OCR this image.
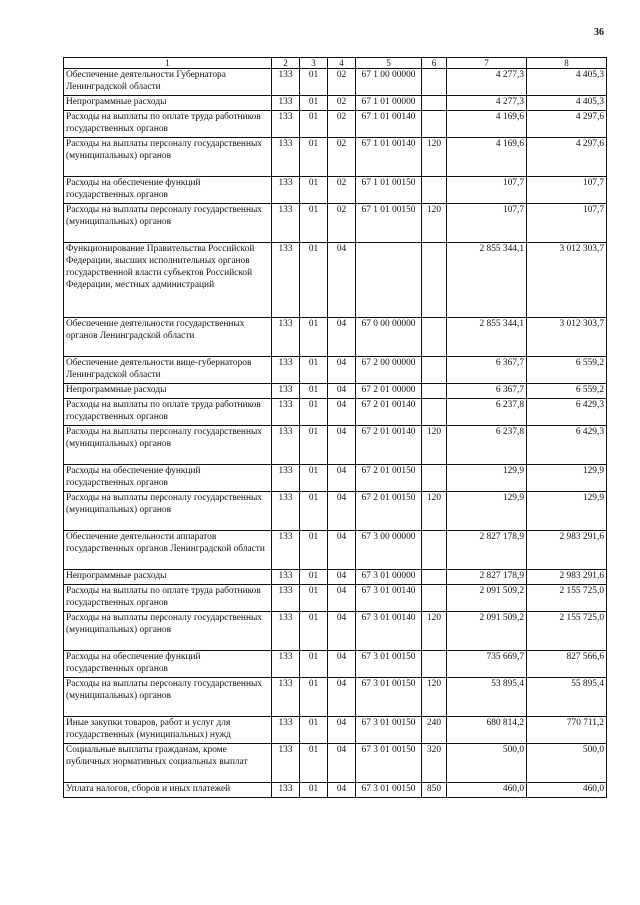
36
1	2	3	4	5	6	7	8
Обеспечение деятельности Губернатора Ленинградской области	133	01	02	67 1 00 00000		4 277,3	4 405,3
Непрограммные расходы	133	01	02	67 1 01 00000		4 277,3	4 405,3
Расходы на выплаты по оплате труда работников государственных органов	133	01	02	67 1 01 00140		4 169,6	4 297,6
Расходы на выплаты персоналу государственных (муниципальных) органов	133	01	02	67 1 01 00140	120	4 169,6	4 297,6
Расходы на обеспечение функций государственных органов	133	01	02	67 1 01 00150		107,7	107,7
Расходы на выплаты персоналу государственных (муниципальных) органов	133	01	02	67 1 01 00150	120	107,7	107,7
Функционирование Правительства Российской Федерации, высших исполнительных органов государственной власти субъектов Российской Федерации, местных администраций	133	01	04			2 855 344,1	3 012 303,7
Обеспечение деятельности государственных органов Ленинградской области	133	01	04	67 0 00 00000		2 855 344,1	3 012 303,7
Обеспечение деятельности вице-губернаторов Ленинградской области	133	01	04	67 2 00 00000		6 367,7	6 559,2
Непрограммные расходы	133	01	04	67 2 01 00000		6 367,7	6 559,2
Расходы на выплаты по оплате труда работников государственных органов	133	01	04	67 2 01 00140		6 237,8	6 429,3
Расходы на выплаты персоналу государственных (муниципальных) органов	133	01	04	67 2 01 00140	120	6 237,8	6 429,3
Расходы на обеспечение функций государственных органов	133	01	04	67 2 01 00150		129,9	129,9
Расходы на выплаты персоналу государственных (муниципальных) органов	133	01	04	67 2 01 00150	120	129,9	129,9
Обеспечение деятельности аппаратов государственных органов Ленинградской области	133	01	04	67 3 00 00000		2 827 178,9	2 983 291,6
Непрограммные расходы	133	01	04	67 3 01 00000		2 827 178,9	2 983 291,6
Расходы на выплаты по оплате труда работников государственных органов	133	01	04	67 3 01 00140		2 091 509,2	2 155 725,0
Расходы на выплаты персоналу государственных (муниципальных) органов	133	01	04	67 3 01 00140	120	2 091 509,2	2 155 725,0
Расходы на обеспечение функций государственных органов	133	01	04	67 3 01 00150		735 669,7	827 566,6
Расходы на выплаты персоналу государственных (муниципальных) органов	133	01	04	67 3 01 00150	120	53 895,4	55 895,4
Иные закупки товаров, работ и услуг для государственных (муниципальных) нужд	133	01	04	67 3 01 00150	240	680 814,2	770 711,2
Социальные выплаты гражданам, кроме публичных нормативных социальных выплат	133	01	04	67 3 01 00150	320	500,0	500,0
Уплата налогов, сборов и иных платежей	133	01	04	67 3 01 00150	850	460,0	460,0
